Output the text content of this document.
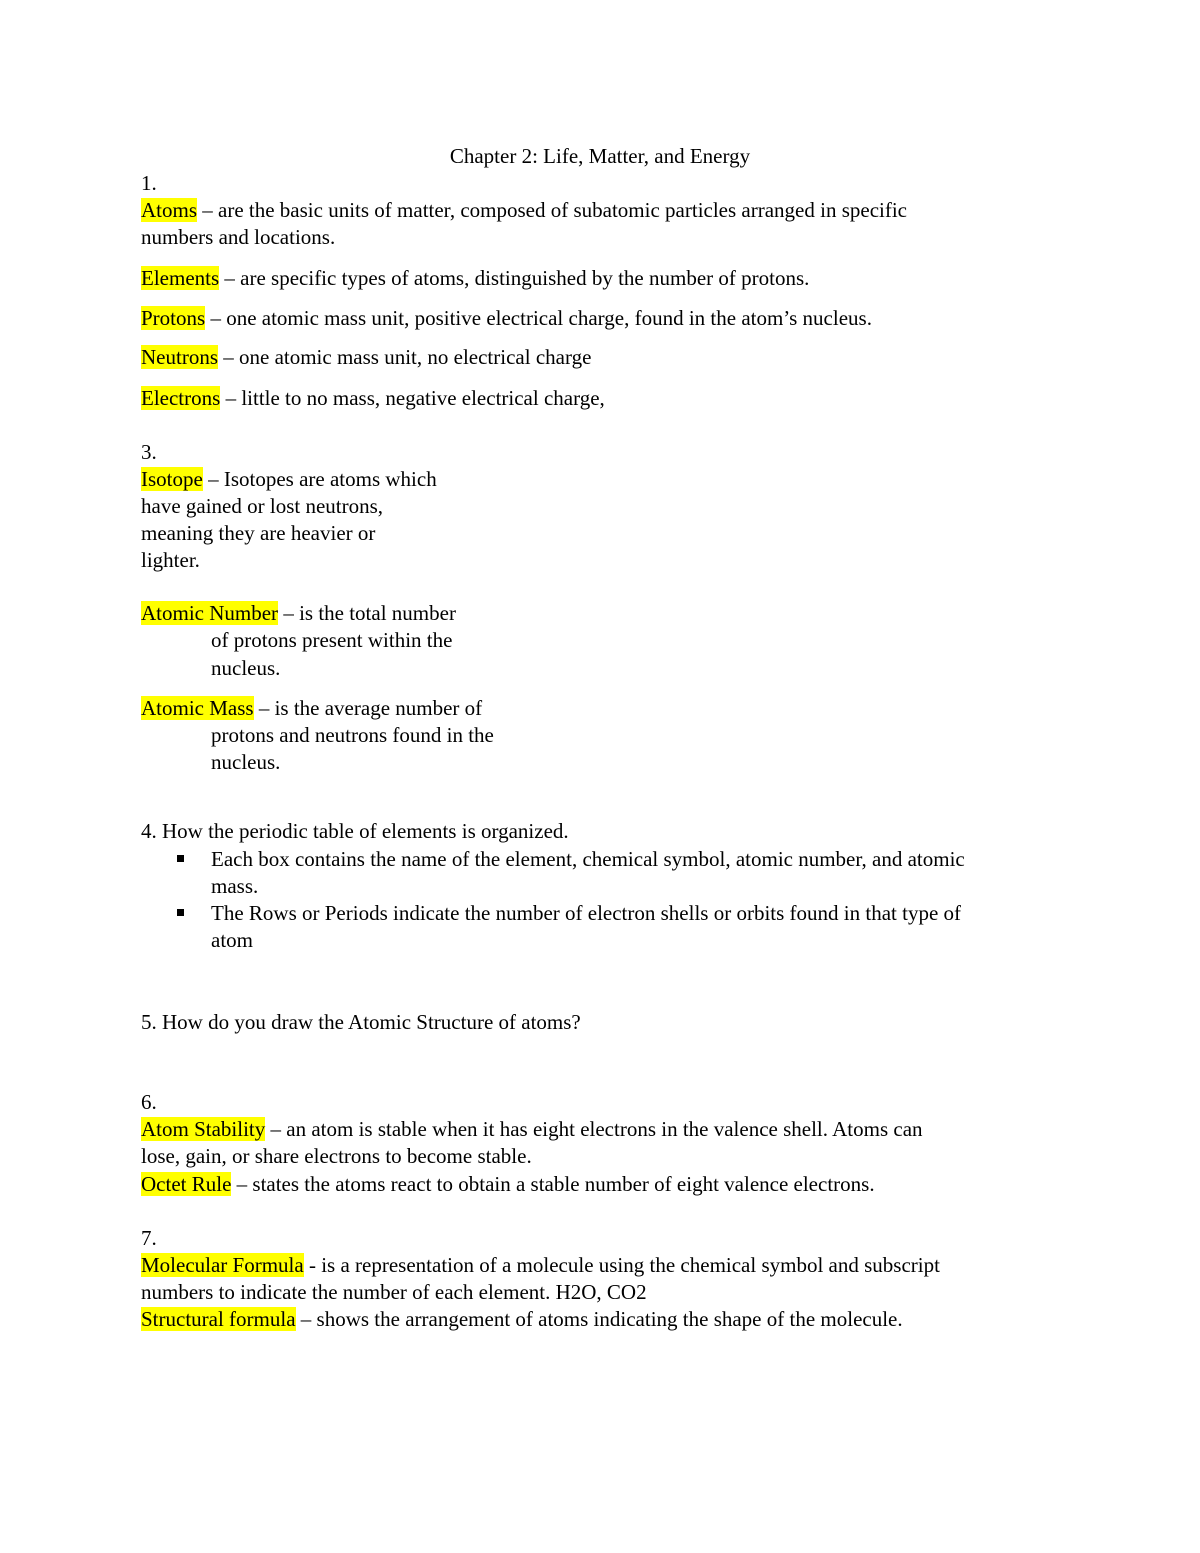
Chapter 2: Life, Matter, and Energy
1.
Atoms – are the basic units of matter, composed of subatomic particles arranged in specific
numbers and locations.
Elements – are specific types of atoms, distinguished by the number of protons.
Protons – one atomic mass unit, positive electrical charge, found in the atom’s nucleus.
Neutrons – one atomic mass unit, no electrical charge
Electrons – little to no mass, negative electrical charge,
3.
Isotope – Isotopes are atoms which
have gained or lost neutrons,
meaning they are heavier or
lighter.
Atomic Number – is the total number
of protons present within the
nucleus.
Atomic Mass – is the average number of
protons and neutrons found in the
nucleus.
4. How the periodic table of elements is organized.
Each box contains the name of the element, chemical symbol, atomic number, and atomic
mass.
The Rows or Periods indicate the number of electron shells or orbits found in that type of
atom
5. How do you draw the Atomic Structure of atoms?
6.
Atom Stability – an atom is stable when it has eight electrons in the valence shell. Atoms can
lose, gain, or share electrons to become stable.
Octet Rule – states the atoms react to obtain a stable number of eight valence electrons.
7.
Molecular Formula - is a representation of a molecule using the chemical symbol and subscript
numbers to indicate the number of each element. H2O, CO2
Structural formula – shows the arrangement of atoms indicating the shape of the molecule.
